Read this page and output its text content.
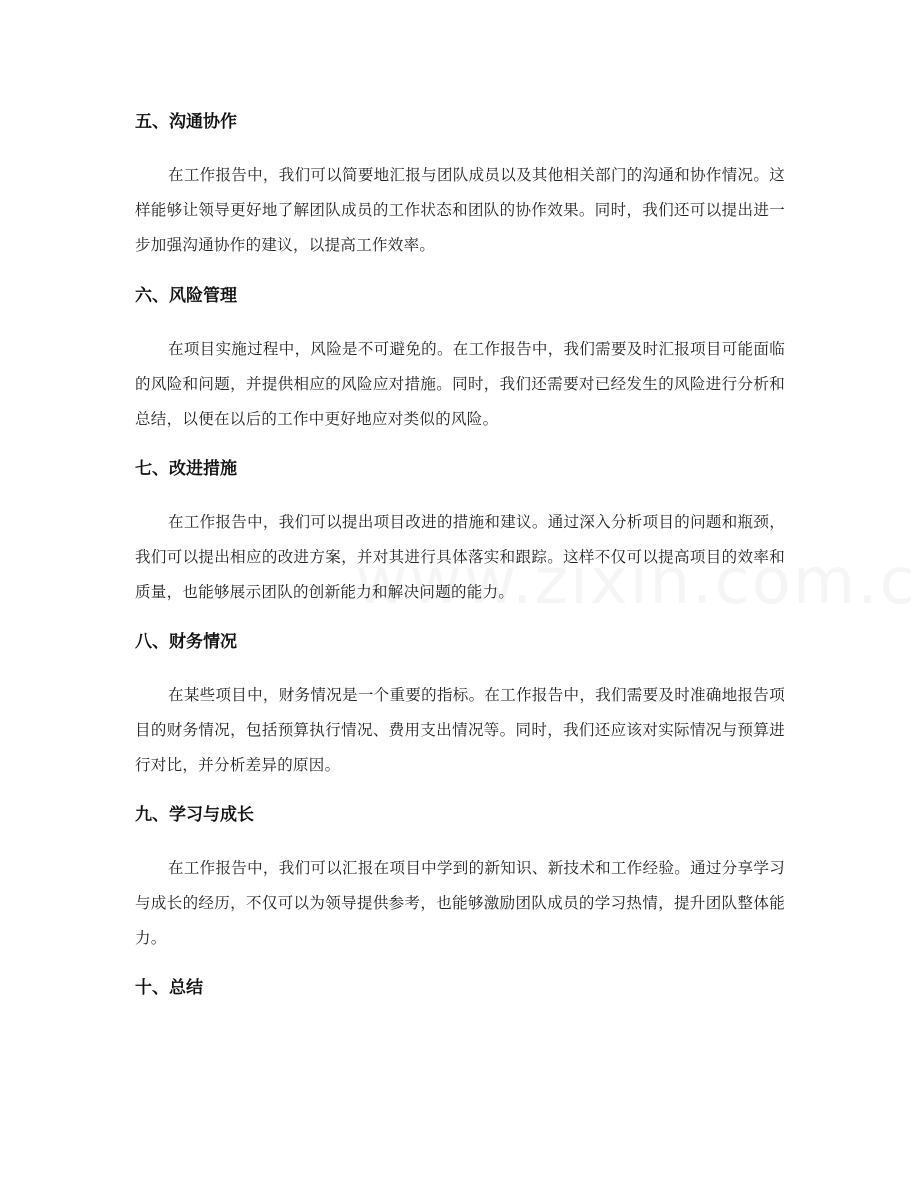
五、沟通协作

在工作报告中，我们可以简要地汇报与团队成员以及其他相关部门的沟通和协作情况。这样能够让领导更好地了解团队成员的工作状态和团队的协作效果。同时，我们还可以提出进一步加强沟通协作的建议，以提高工作效率。

六、风险管理

在项目实施过程中，风险是不可避免的。在工作报告中，我们需要及时汇报项目可能面临的风险和问题，并提供相应的风险应对措施。同时，我们还需要对已经发生的风险进行分析和总结，以便在以后的工作中更好地应对类似的风险。

七、改进措施

在工作报告中，我们可以提出项目改进的措施和建议。通过深入分析项目的问题和瓶颈，我们可以提出相应的改进方案，并对其进行具体落实和跟踪。这样不仅可以提高项目的效率和质量，也能够展示团队的创新能力和解决问题的能力。

八、财务情况

在某些项目中，财务情况是一个重要的指标。在工作报告中，我们需要及时准确地报告项目的财务情况，包括预算执行情况、费用支出情况等。同时，我们还应该对实际情况与预算进行对比，并分析差异的原因。

九、学习与成长

在工作报告中，我们可以汇报在项目中学到的新知识、新技术和工作经验。通过分享学习与成长的经历，不仅可以为领导提供参考，也能够激励团队成员的学习热情，提升团队整体能力。

十、总结
